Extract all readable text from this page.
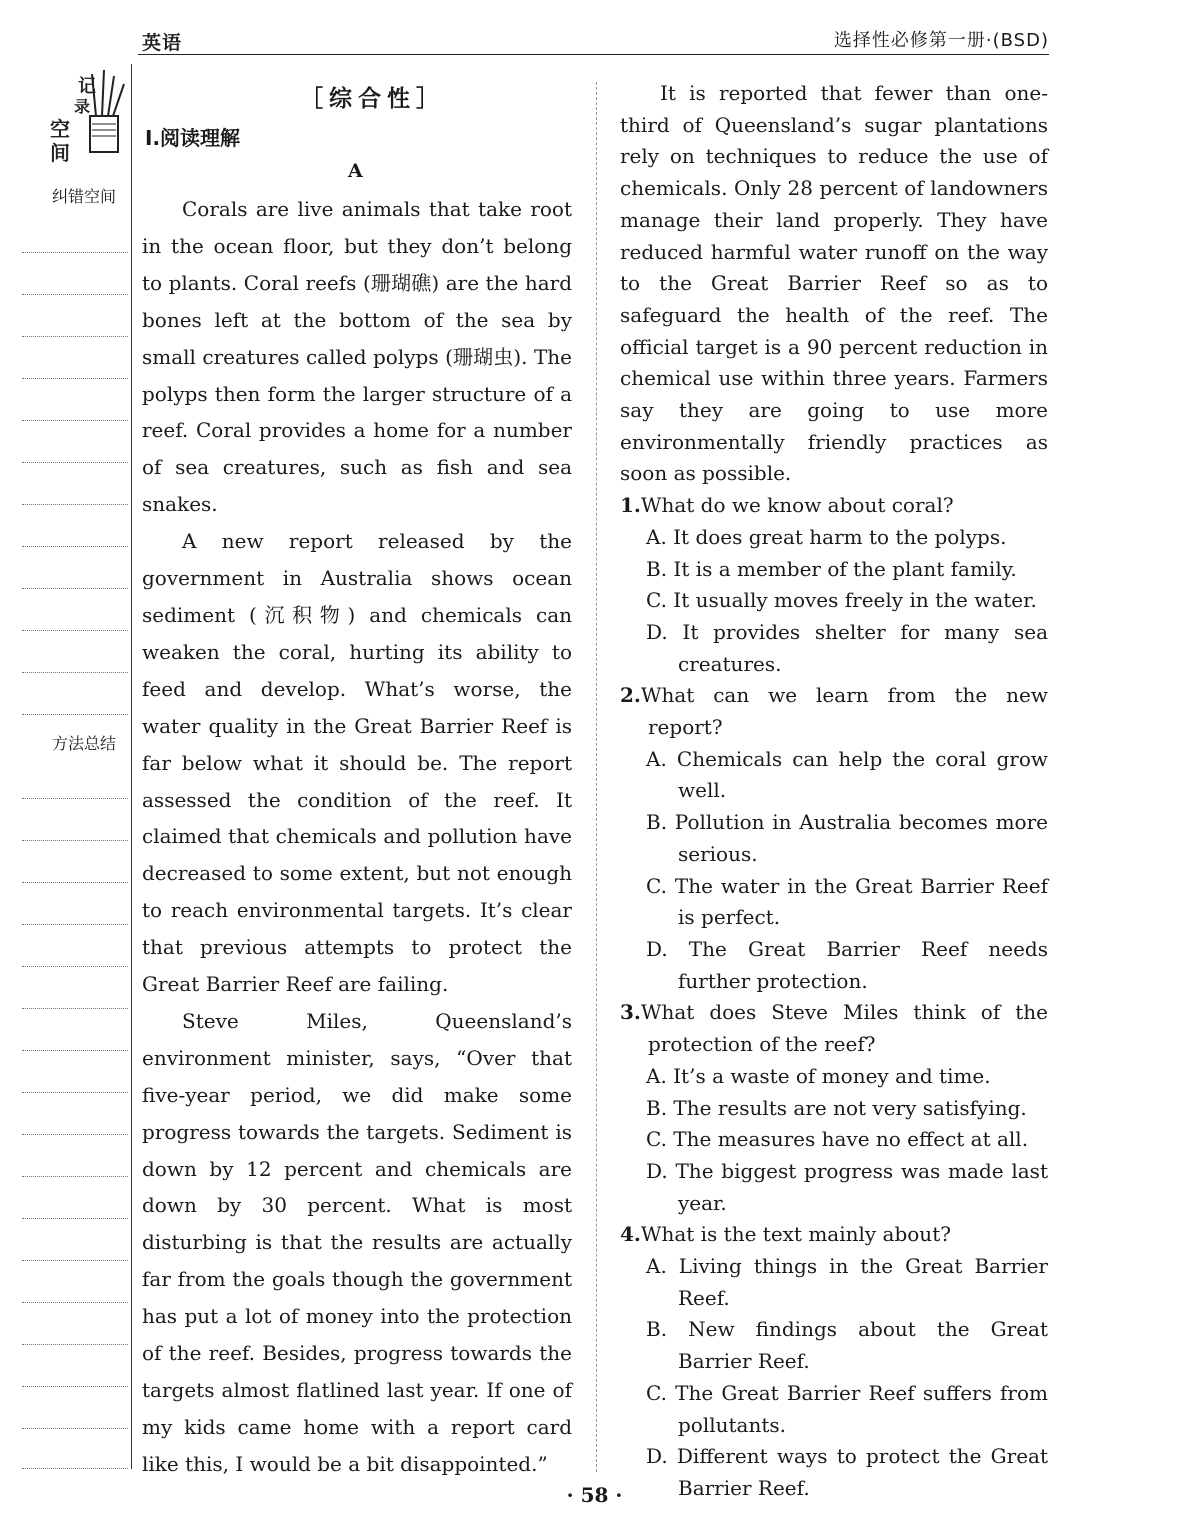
英语	选择性必修第一册·(BSD)
空
间
记
录
纠错空间
方法总结
［综合性］
Ⅰ.阅读理解
A

Corals are live animals that take root in the ocean floor, but they don’t belong to plants. Coral reefs (珊瑚礁) are the hard bones left at the bottom of the sea by small creatures called polyps (珊瑚虫). The polyps then form the larger structure of a reef. Coral provides a home for a number of sea creatures, such as fish and sea snakes.

A new report released by the government in Australia shows ocean sediment (沉积物) and chemicals can weaken the coral, hurting its ability to feed and develop. What’s worse, the water quality in the Great Barrier Reef is far below what it should be. The report assessed the condition of the reef. It claimed that chemicals and pollution have decreased to some extent, but not enough to reach environmental targets. It’s clear that previous attempts to protect the Great Barrier Reef are failing.

Steve Miles, Queensland’s environment minister, says, “Over that five-year period, we did make some progress towards the targets. Sediment is down by 12 percent and chemicals are down by 30 percent. What is most disturbing is that the results are actually far from the goals though the government has put a lot of money into the protection of the reef. Besides, progress towards the targets almost flatlined last year. If one of my kids came home with a report card like this, I would be a bit disappointed.”

It is reported that fewer than one-third of Queensland’s sugar plantations rely on techniques to reduce the use of chemicals. Only 28 percent of landowners manage their land properly. They have reduced harmful water runoff on the way to the Great Barrier Reef so as to safeguard the health of the reef. The official target is a 90 percent reduction in chemical use within three years. Farmers say they are going to use more environmentally friendly practices as soon as possible.

1.What do we know about coral?
A. It does great harm to the polyps.
B. It is a member of the plant family.
C. It usually moves freely in the water.
D. It provides shelter for many sea creatures.
2.What can we learn from the new report?
A. Chemicals can help the coral grow well.
B. Pollution in Australia becomes more serious.
C. The water in the Great Barrier Reef is perfect.
D. The Great Barrier Reef needs further protection.
3.What does Steve Miles think of the protection of the reef?
A. It’s a waste of money and time.
B. The results are not very satisfying.
C. The measures have no effect at all.
D. The biggest progress was made last year.
4.What is the text mainly about?
A. Living things in the Great Barrier Reef.
B. New findings about the Great Barrier Reef.
C. The Great Barrier Reef suffers from pollutants.
D. Different ways to protect the Great Barrier Reef.
· 58 ·
